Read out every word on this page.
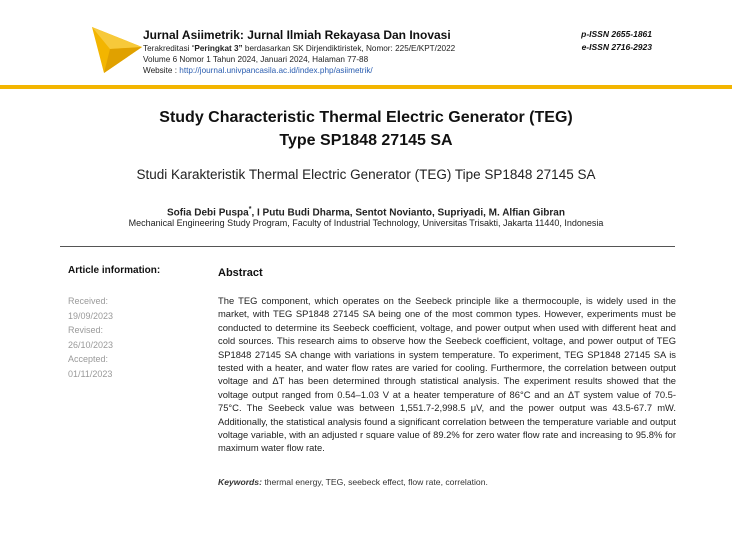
Jurnal Asiimetrik: Jurnal Ilmiah Rekayasa Dan Inovasi
Terakreditasi “Peringkat 3” berdasarkan SK Dirjendiktiristek, Nomor: 225/E/KPT/2022
Volume 6 Nomor 1 Tahun 2024, Januari 2024, Halaman 77-88
Website : http://journal.univpancasila.ac.id/index.php/asiimetrik/
p-ISSN 2655-1861
e-ISSN 2716-2923
Study Characteristic Thermal Electric Generator (TEG)
Type SP1848 27145 SA
Studi Karakteristik Thermal Electric Generator (TEG) Tipe SP1848 27145 SA
Sofia Debi Puspa*, I Putu Budi Dharma, Sentot Novianto, Supriyadi, M. Alfian Gibran
Mechanical Engineering Study Program, Faculty of Industrial Technology, Universitas Trisakti, Jakarta 11440, Indonesia
Article information:
Received:
19/09/2023
Revised:
26/10/2023
Accepted:
01/11/2023
Abstract
The TEG component, which operates on the Seebeck principle like a thermocouple, is widely used in the market, with TEG SP1848 27145 SA being one of the most common types. However, experiments must be conducted to determine its Seebeck coefficient, voltage, and power output when used with different heat and cold sources. This research aims to observe how the Seebeck coefficient, voltage, and power output of TEG SP1848 27145 SA change with variations in system temperature. To experiment, TEG SP1848 27145 SA is tested with a heater, and water flow rates are varied for cooling. Furthermore, the correlation between output voltage and ΔT has been determined through statistical analysis. The experiment results showed that the voltage output ranged from 0.54–1.03 V at a heater temperature of 86°C and an ΔT system value of 70.5-75°C. The Seebeck value was between 1,551.7-2,998.5 μV, and the power output was 43.5-67.7 mW. Additionally, the statistical analysis found a significant correlation between the temperature variable and output voltage variable, with an adjusted r square value of 89.2% for zero water flow rate and increasing to 95.8% for maximum water flow rate.
Keywords: thermal energy, TEG, seebeck effect, flow rate, correlation.
